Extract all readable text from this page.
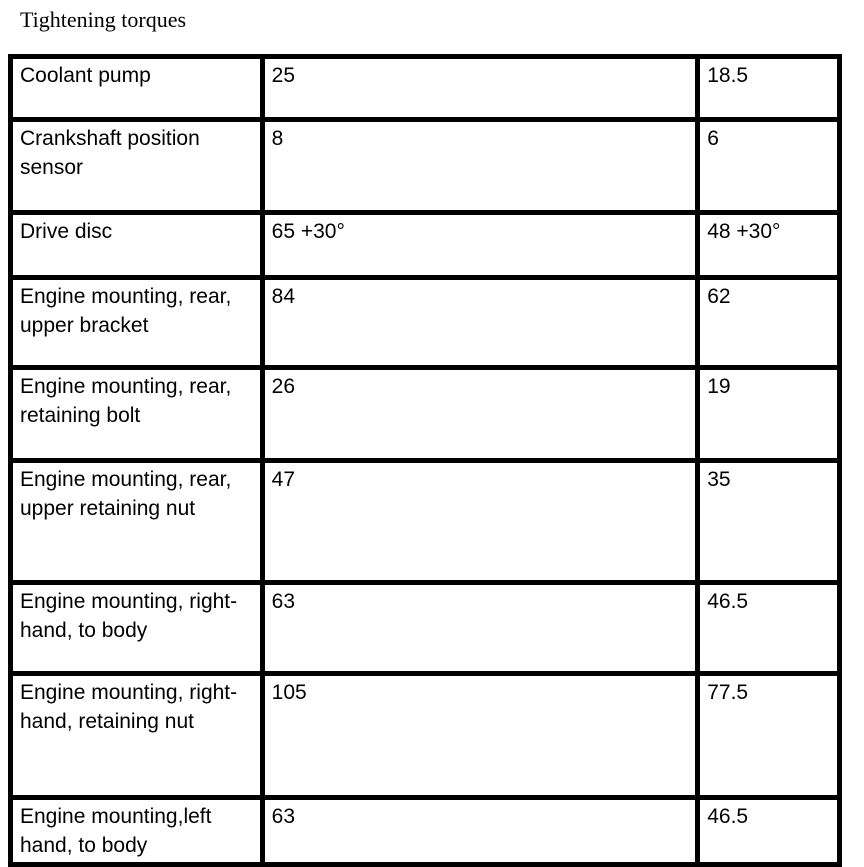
Tightening torques
Coolant pump	25	18.5
Crankshaft position sensor	8	6
Drive disc	65 +30°	48 +30°
Engine mounting, rear, upper bracket	84	62
Engine mounting, rear, retaining bolt	26	19
Engine mounting, rear, upper retaining nut	47	35
Engine mounting, right-hand, to body	63	46.5
Engine mounting, right-hand, retaining nut	105	77.5
Engine mounting,left hand, to body	63	46.5
